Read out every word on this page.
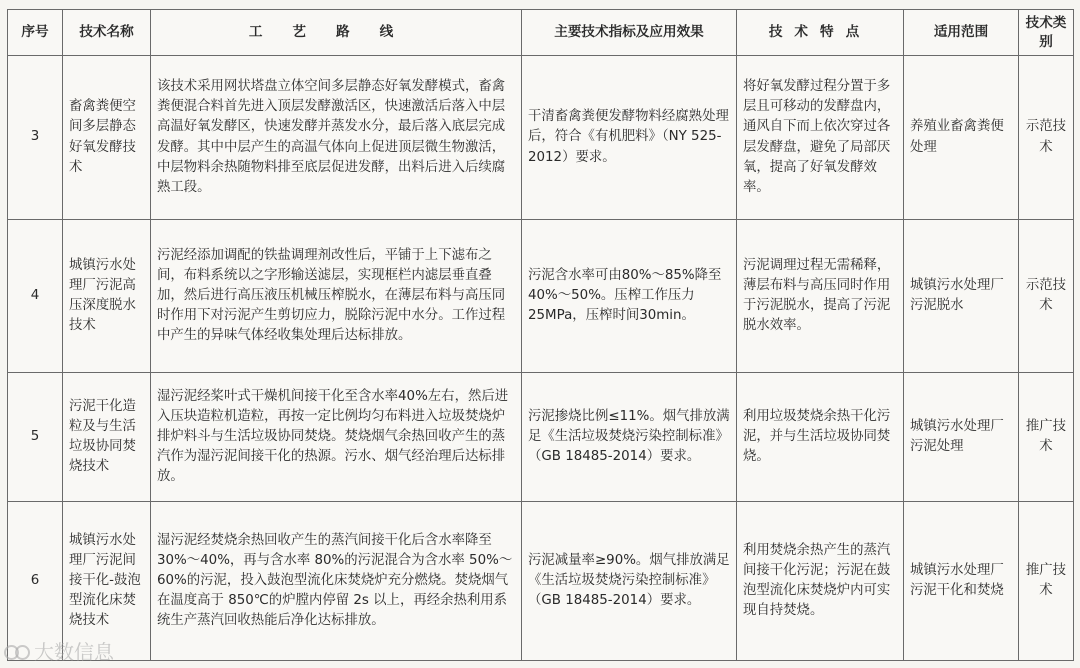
序号	技术名称	工艺路线	主要技术指标及应用效果	技术特点	适用范围	技术类别
3	畜禽粪便空间多层静态好氧发酵技术	该技术采用网状塔盘立体空间多层静态好氧发酵模式，畜禽粪便混合料首先进入顶层发酵激活区，快速激活后落入中层高温好氧发酵区，快速发酵并蒸发水分，最后落入底层完成发酵。其中中层产生的高温气体向上促进顶层微生物激活，中层物料余热随物料排至底层促进发酵，出料后进入后续腐熟工段。	干清畜禽粪便发酵物料经腐熟处理后，符合《有机肥料》（NY 525-2012）要求。	将好氧发酵过程分置于多层且可移动的发酵盘内，通风自下而上依次穿过各层发酵盘，避免了局部厌氧，提高了好氧发酵效率。	养殖业畜禽粪便处理	示范技术
4	城镇污水处理厂污泥高压深度脱水技术	污泥经添加调配的铁盐调理剂改性后，平铺于上下滤布之间，布料系统以之字形输送滤层，实现框栏内滤层垂直叠加，然后进行高压液压机械压榨脱水，在薄层布料与高压同时作用下对污泥产生剪切应力，脱除污泥中水分。工作过程中产生的异味气体经收集处理后达标排放。	污泥含水率可由80%～85%降至40%～50%。压榨工作压力25MPa，压榨时间30min。	污泥调理过程无需稀释，薄层布料与高压同时作用于污泥脱水，提高了污泥脱水效率。	城镇污水处理厂污泥脱水	示范技术
5	污泥干化造粒及与生活垃圾协同焚烧技术	湿污泥经桨叶式干燥机间接干化至含水率40%左右，然后进入压块造粒机造粒，再按一定比例均匀布料进入垃圾焚烧炉排炉料斗与生活垃圾协同焚烧。焚烧烟气余热回收产生的蒸汽作为湿污泥间接干化的热源。污水、烟气经治理后达标排放。	污泥掺烧比例≤11%。烟气排放满足《生活垃圾焚烧污染控制标准》（GB 18485-2014）要求。	利用垃圾焚烧余热干化污泥，并与生活垃圾协同焚烧。	城镇污水处理厂污泥处理	推广技术
6	城镇污水处理厂污泥间接干化-鼓泡型流化床焚烧技术	湿污泥经焚烧余热回收产生的蒸汽间接干化后含水率降至 30%～40%，再与含水率 80%的污泥混合为含水率 50%～60%的污泥，投入鼓泡型流化床焚烧炉充分燃烧。焚烧烟气在温度高于 850℃的炉膛内停留 2s 以上，再经余热利用系统生产蒸汽回收热能后净化达标排放。	污泥减量率≥90%。烟气排放满足《生活垃圾焚烧污染控制标准》（GB 18485-2014）要求。	利用焚烧余热产生的蒸汽间接干化污泥；污泥在鼓泡型流化床焚烧炉内可实现自持焚烧。	城镇污水处理厂污泥干化和焚烧	推广技术
大数信息
